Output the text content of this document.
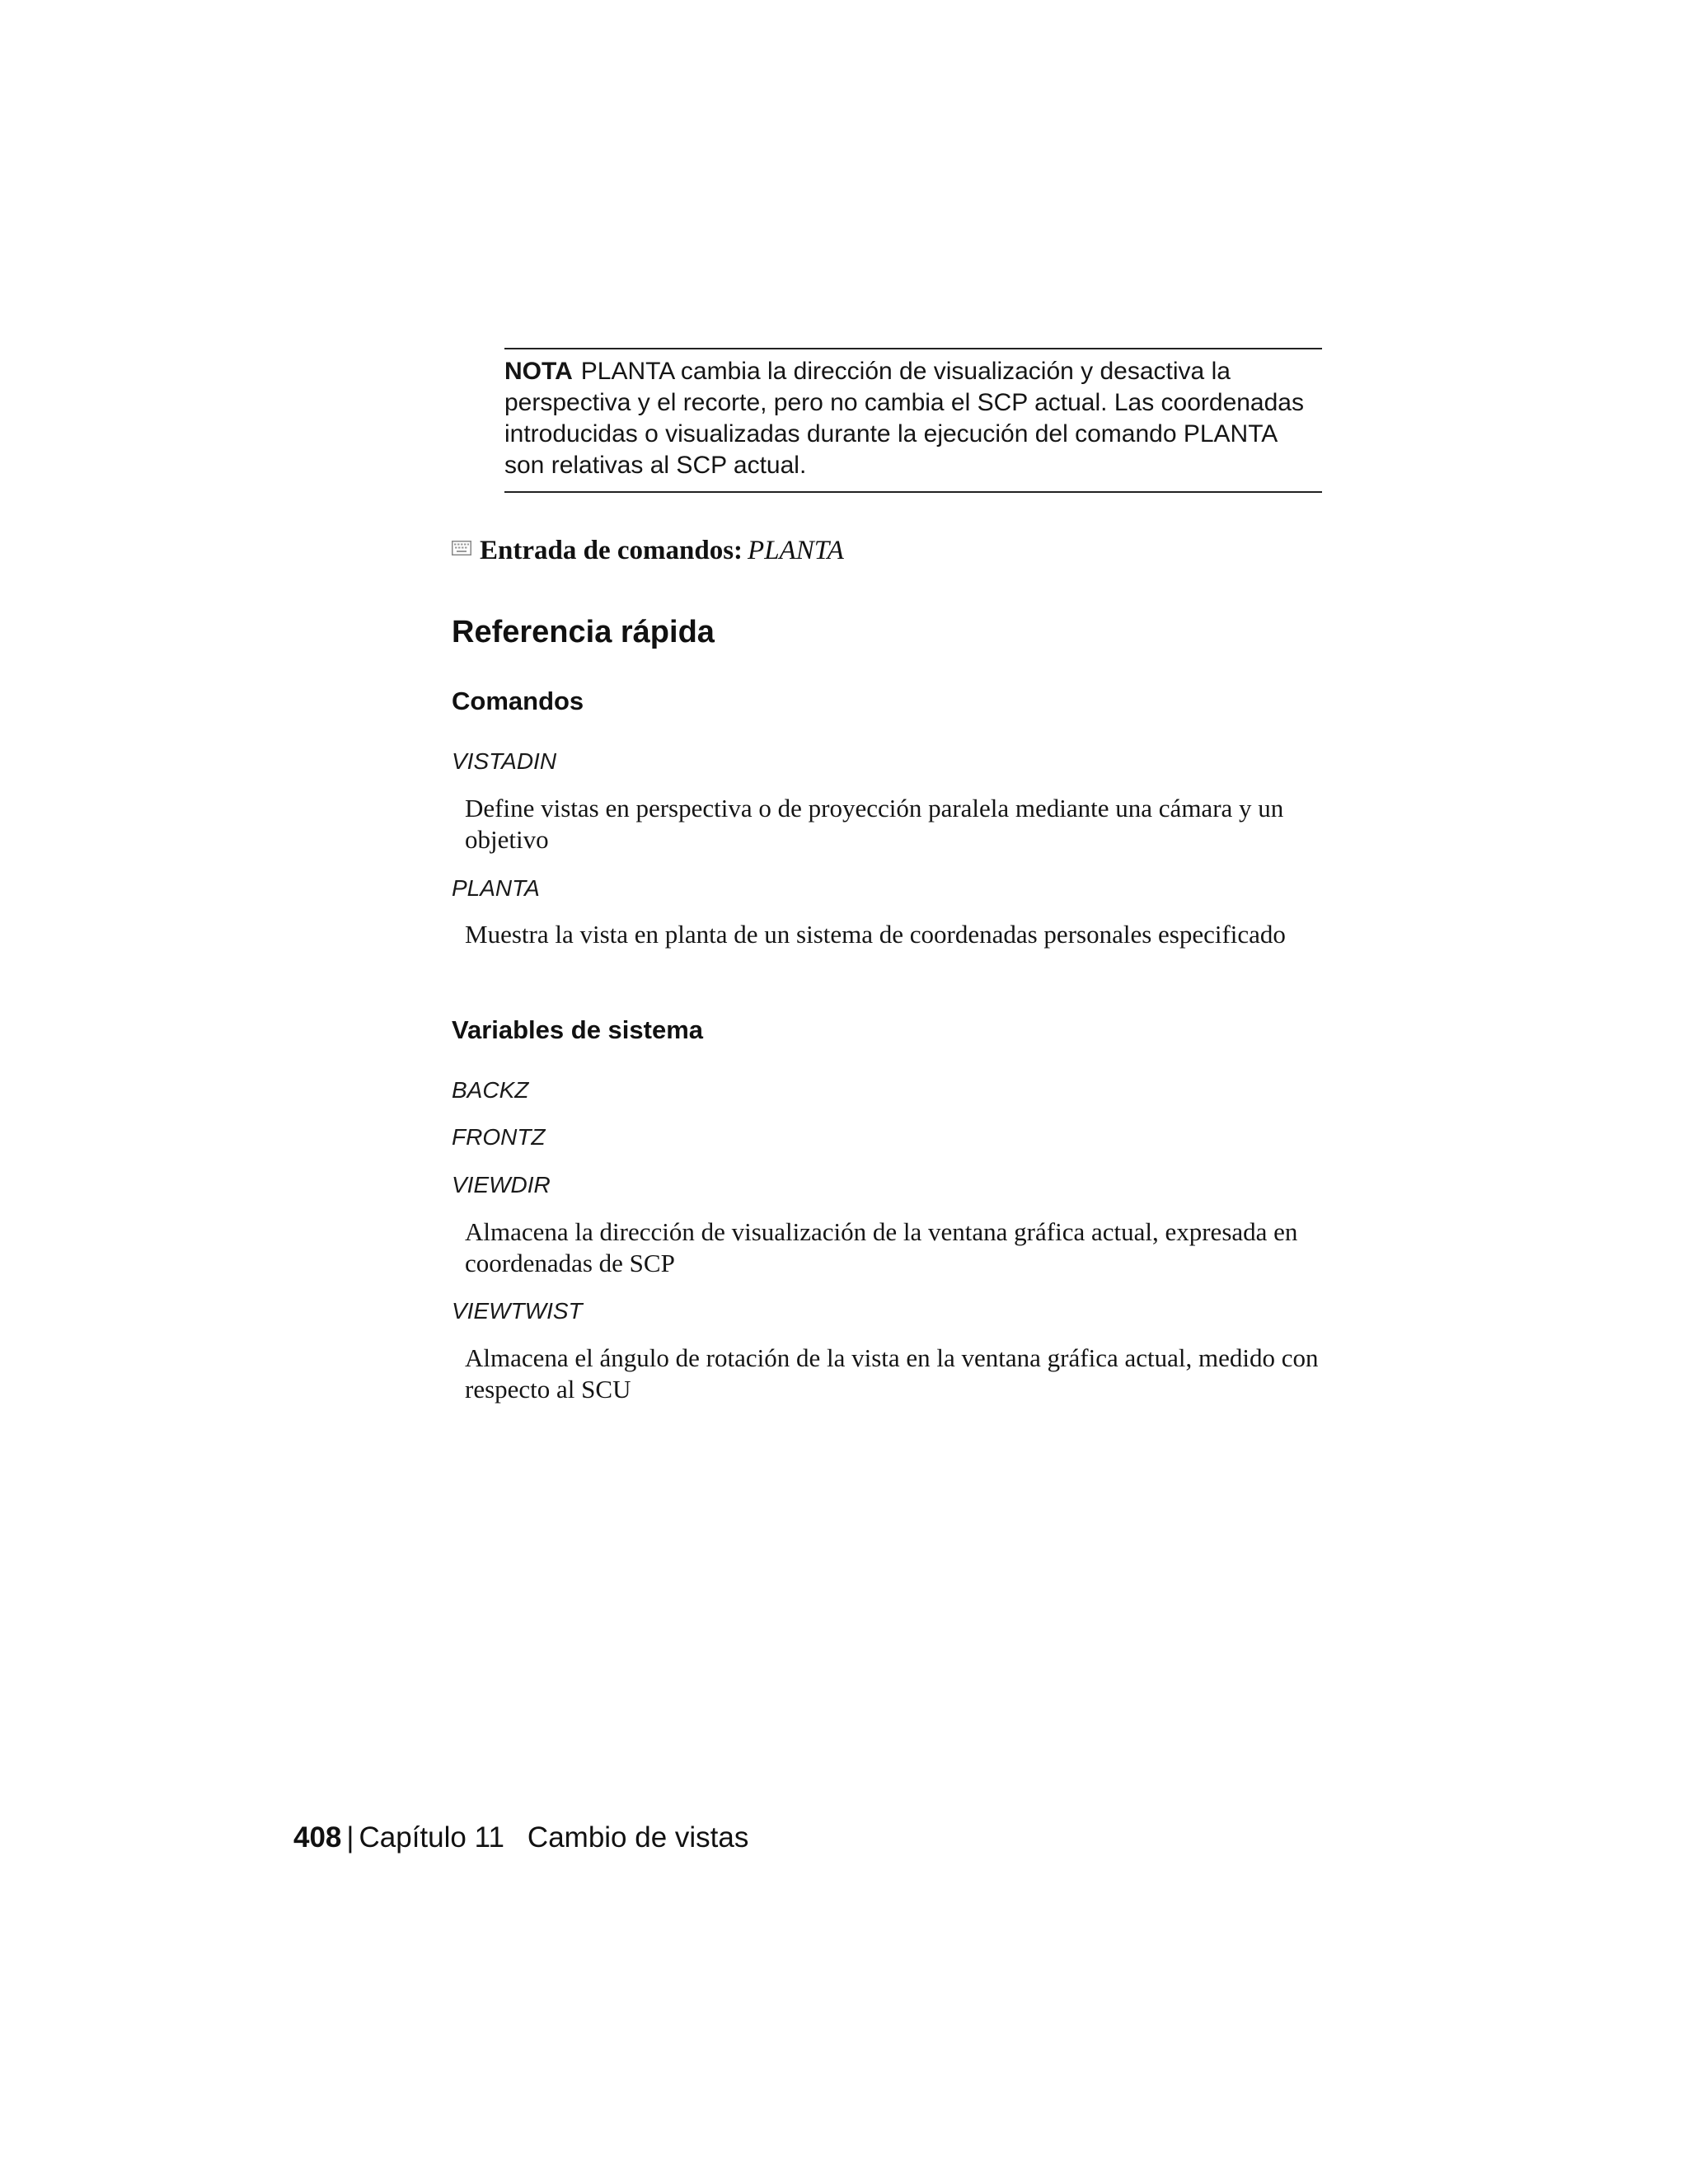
NOTA PLANTA cambia la dirección de visualización y desactiva la perspectiva y el recorte, pero no cambia el SCP actual. Las coordenadas introducidas o visualizadas durante la ejecución del comando PLANTA son relativas al SCP actual.
Entrada de comandos: PLANTA
Referencia rápida
Comandos
VISTADIN
Define vistas en perspectiva o de proyección paralela mediante una cámara y un objetivo
PLANTA
Muestra la vista en planta de un sistema de coordenadas personales especificado
Variables de sistema
BACKZ
FRONTZ
VIEWDIR
Almacena la dirección de visualización de la ventana gráfica actual, expresada en coordenadas de SCP
VIEWTWIST
Almacena el ángulo de rotación de la vista en la ventana gráfica actual, medido con respecto al SCU
408 | Capítulo 11 Cambio de vistas
